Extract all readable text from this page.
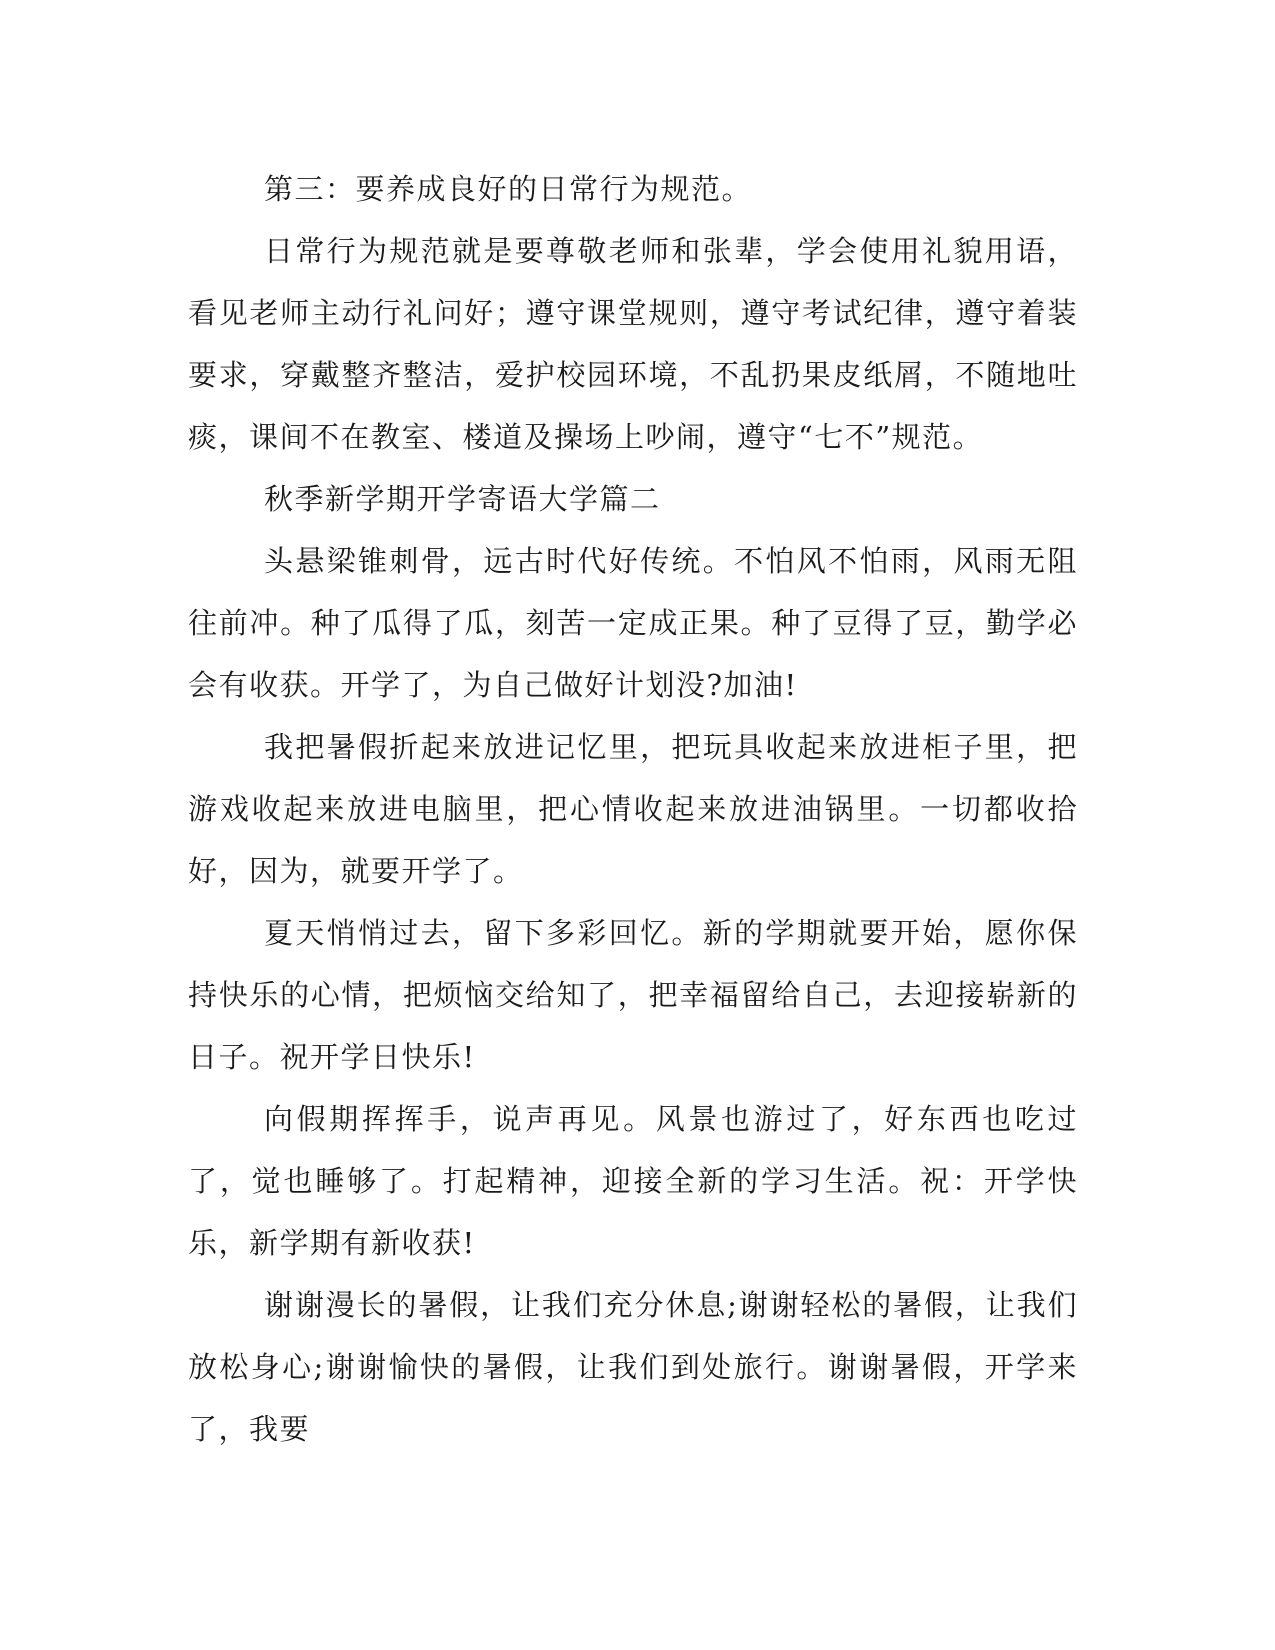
第三：要养成良好的日常行为规范。

日常行为规范就是要尊敬老师和张辈，学会使用礼貌用语，看见老师主动行礼问好；遵守课堂规则，遵守考试纪律，遵守着装要求，穿戴整齐整洁，爱护校园环境，不乱扔果皮纸屑，不随地吐痰，课间不在教室、楼道及操场上吵闹，遵守“七不”规范。

秋季新学期开学寄语大学篇二

头悬梁锥刺骨，远古时代好传统。不怕风不怕雨，风雨无阻往前冲。种了瓜得了瓜，刻苦一定成正果。种了豆得了豆，勤学必会有收获。开学了，为自己做好计划没?加油!

我把暑假折起来放进记忆里，把玩具收起来放进柜子里，把游戏收起来放进电脑里，把心情收起来放进油锅里。一切都收拾好，因为，就要开学了。

夏天悄悄过去，留下多彩回忆。新的学期就要开始，愿你保持快乐的心情，把烦恼交给知了，把幸福留给自己，去迎接崭新的日子。祝开学日快乐!

向假期挥挥手，说声再见。风景也游过了，好东西也吃过了，觉也睡够了。打起精神，迎接全新的学习生活。祝：开学快乐，新学期有新收获!

谢谢漫长的暑假，让我们充分休息;谢谢轻松的暑假，让我们放松身心;谢谢愉快的暑假，让我们到处旅行。谢谢暑假，开学来了，我要
